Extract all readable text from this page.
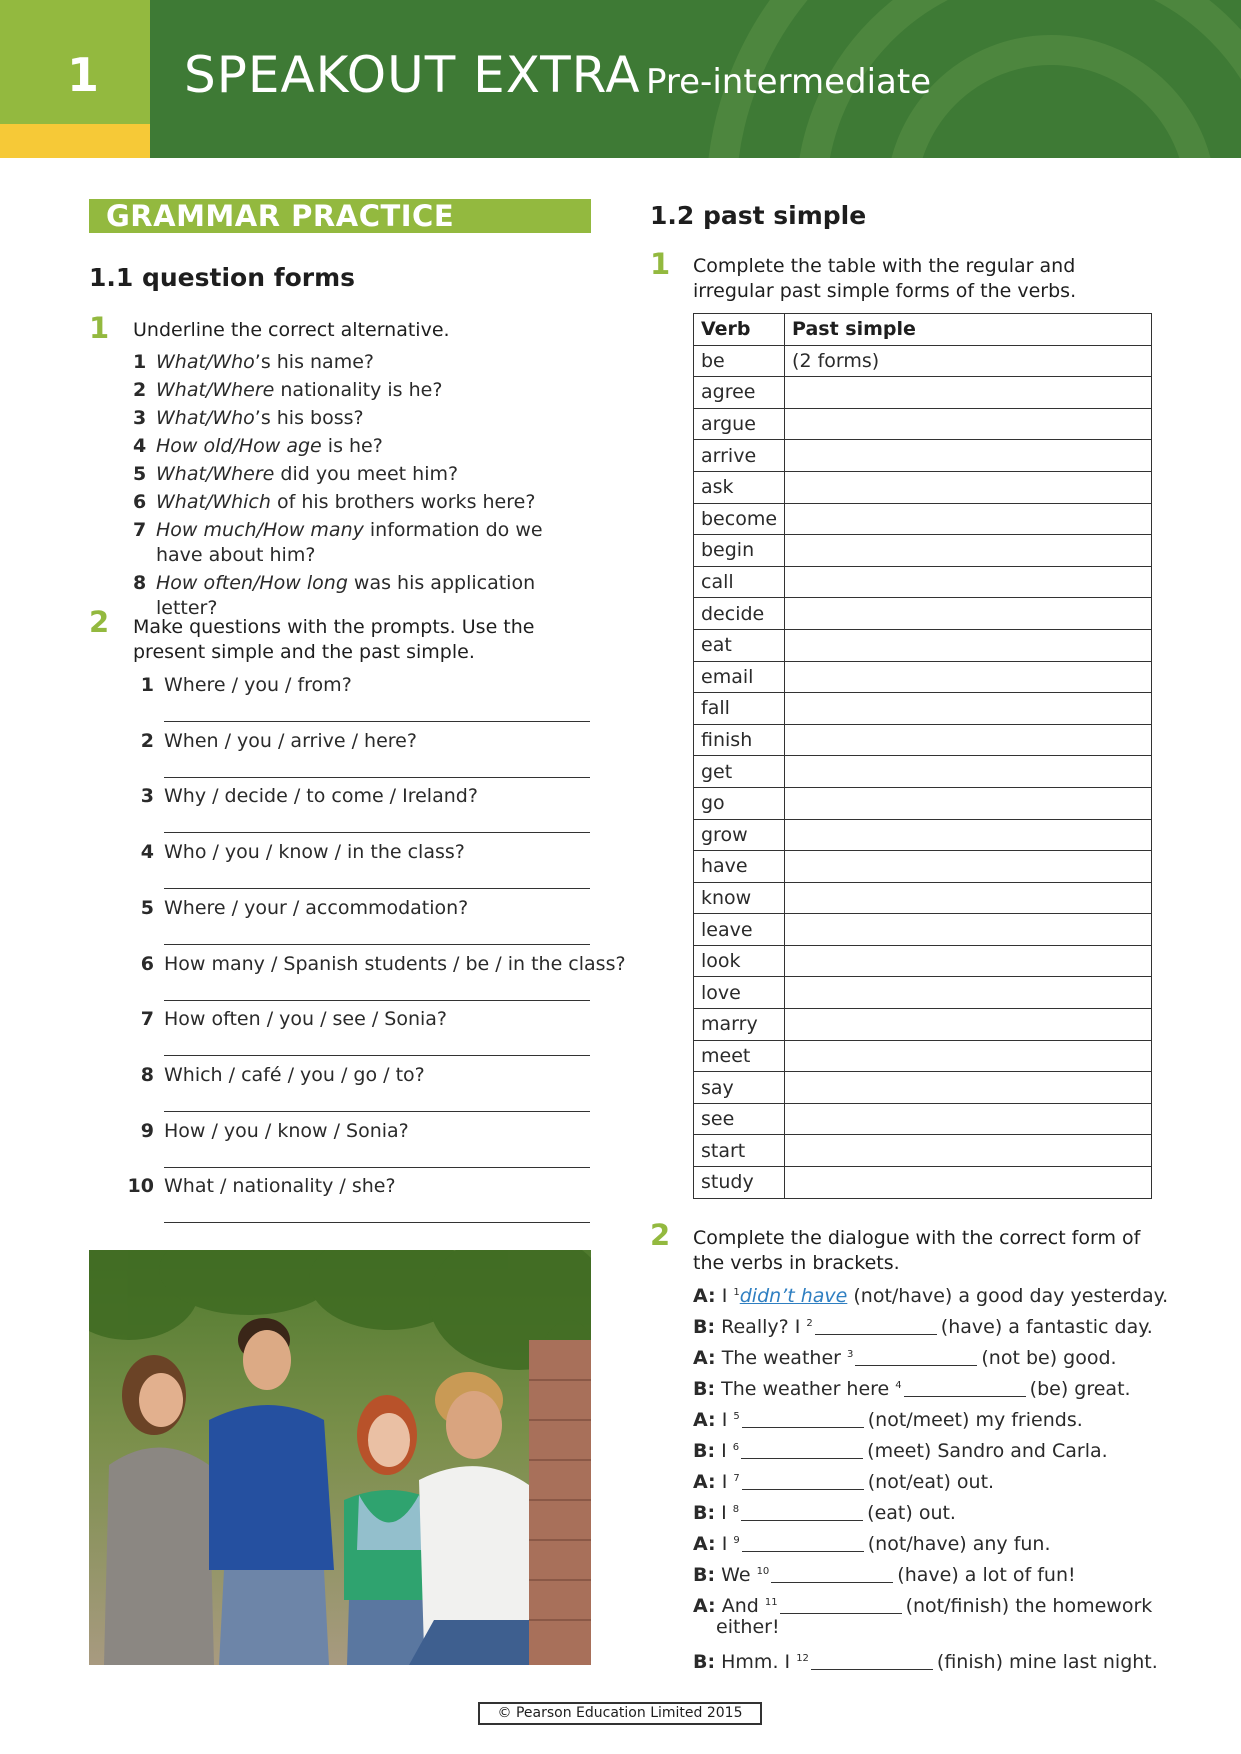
1	SPEAKOUT EXTRA Pre-intermediate
GRAMMAR PRACTICE
1.1 question forms
1 Underline the correct alternative.
1 What/Who’s his name?
2 What/Where nationality is he?
3 What/Who’s his boss?
4 How old/How age is he?
5 What/Where did you meet him?
6 What/Which of his brothers works here?
7 How much/How many information do we have about him?
8 How often/How long was his application letter?
2 Make questions with the prompts. Use the present simple and the past simple.
1 Where / you / from?
2 When / you / arrive / here?
3 Why / decide / to come / Ireland?
4 Who / you / know / in the class?
5 Where / your / accommodation?
6 How many / Spanish students / be / in the class?
7 How often / you / see / Sonia?
8 Which / café / you / go / to?
9 How / you / know / Sonia?
10 What / nationality / she?
1.2 past simple
1 Complete the table with the regular and irregular past simple forms of the verbs.
Verb	Past simple
be	(2 forms)
agree	
argue	
arrive	
ask	
become	
begin	
call	
decide	
eat	
email	
fall	
finish	
get	
go	
grow	
have	
know	
leave	
look	
love	
marry	
meet	
say	
see	
start	
study	
2 Complete the dialogue with the correct form of the verbs in brackets.
A: I $^1$didn’t have (not/have) a good day yesterday.
B: Really? I $^2$	(have) a fantastic day.
A: The weather $^3$	(not be) good.
B: The weather here $^4$	(be) great.
A: I $^5$	(not/meet) my friends.
B: I $^6$	(meet) Sandro and Carla.
A: I $^7$	(not/eat) out.
B: I $^8$	(eat) out.
A: I $^9$	(not/have) any fun.
B: We $^{10}$	(have) a lot of fun!
A: And $^{11}$	(not/finish) the homework
either!
B: Hmm. I $^{12}$	(finish) mine last night.
© Pearson Education Limited 2015
